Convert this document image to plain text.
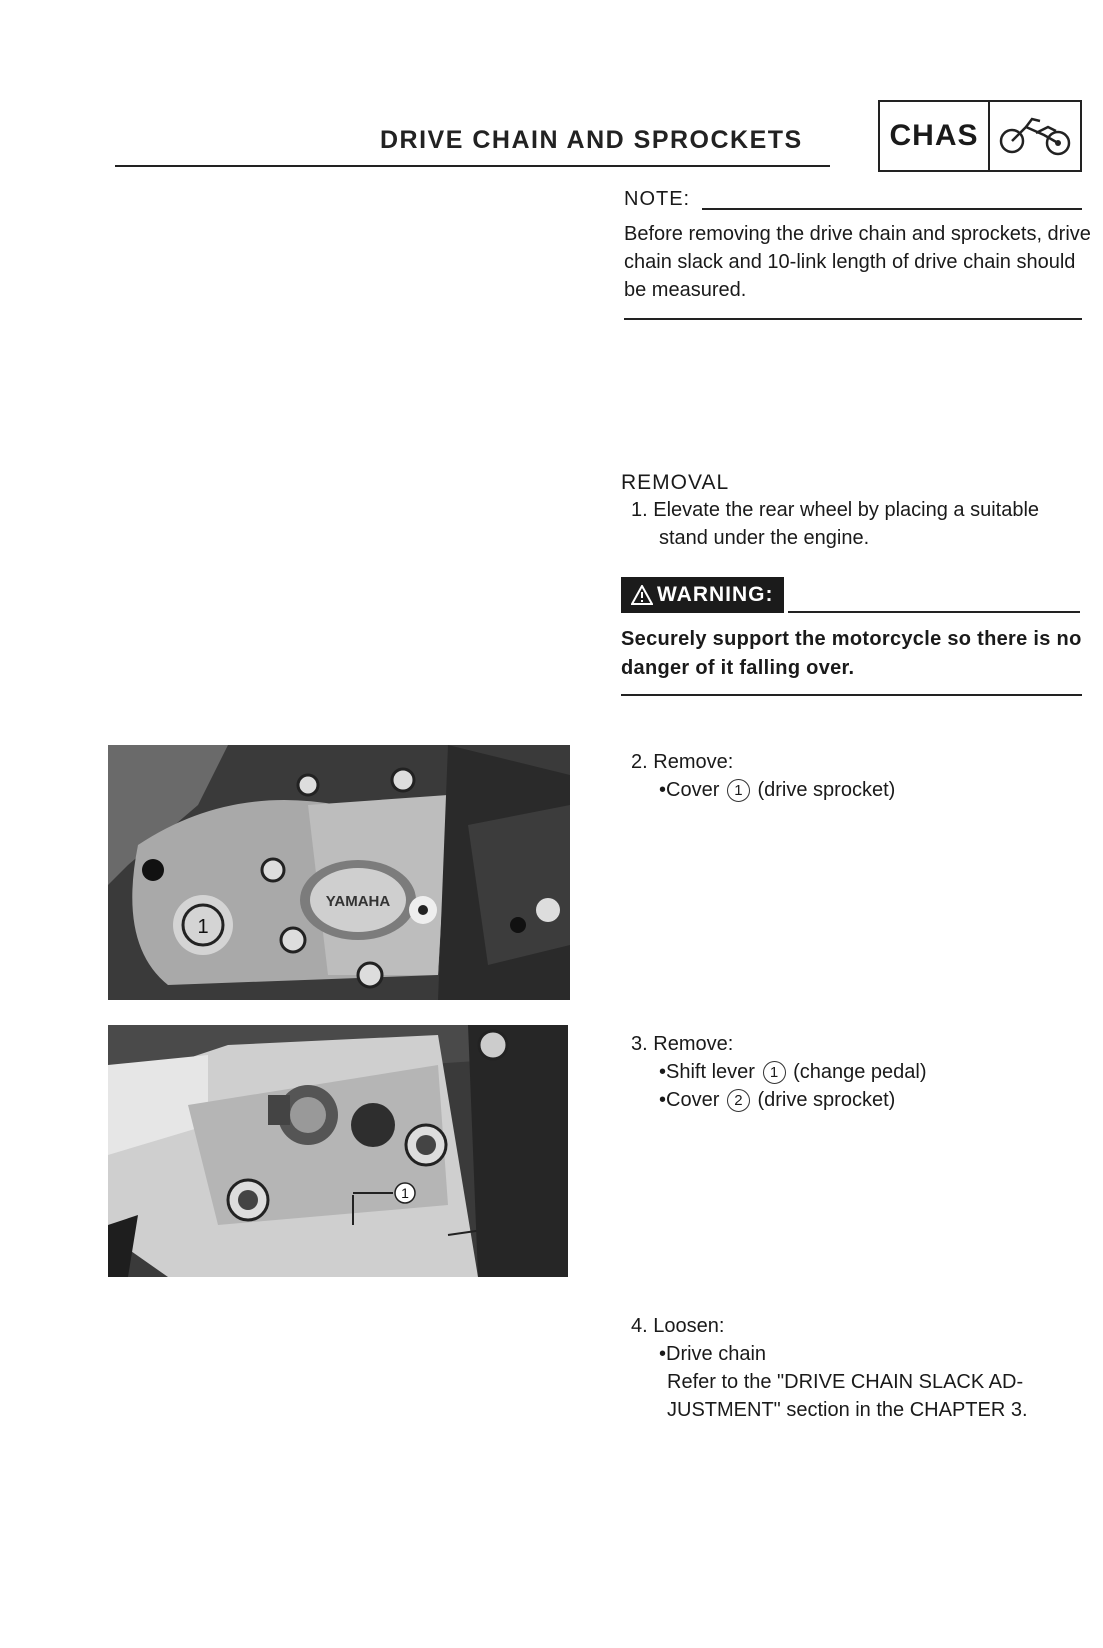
DRIVE CHAIN AND SPROCKETS	CHAS
NOTE:
Before removing the drive chain and sprockets, drive chain slack and 10-link length of drive chain should be measured.
REMOVAL
1. Elevate the rear wheel by placing a suitable
stand under the engine.
WARNING:
Securely support the motorcycle so there is no danger of it falling over.
2. Remove:
•Cover 1 (drive sprocket)
3. Remove:
•Shift lever 1 (change pedal)
•Cover 2 (drive sprocket)
4. Loosen:
•Drive chain
Refer to the "DRIVE CHAIN SLACK AD-
JUSTMENT" section in the CHAPTER 3.
YAMAHA
1
1
